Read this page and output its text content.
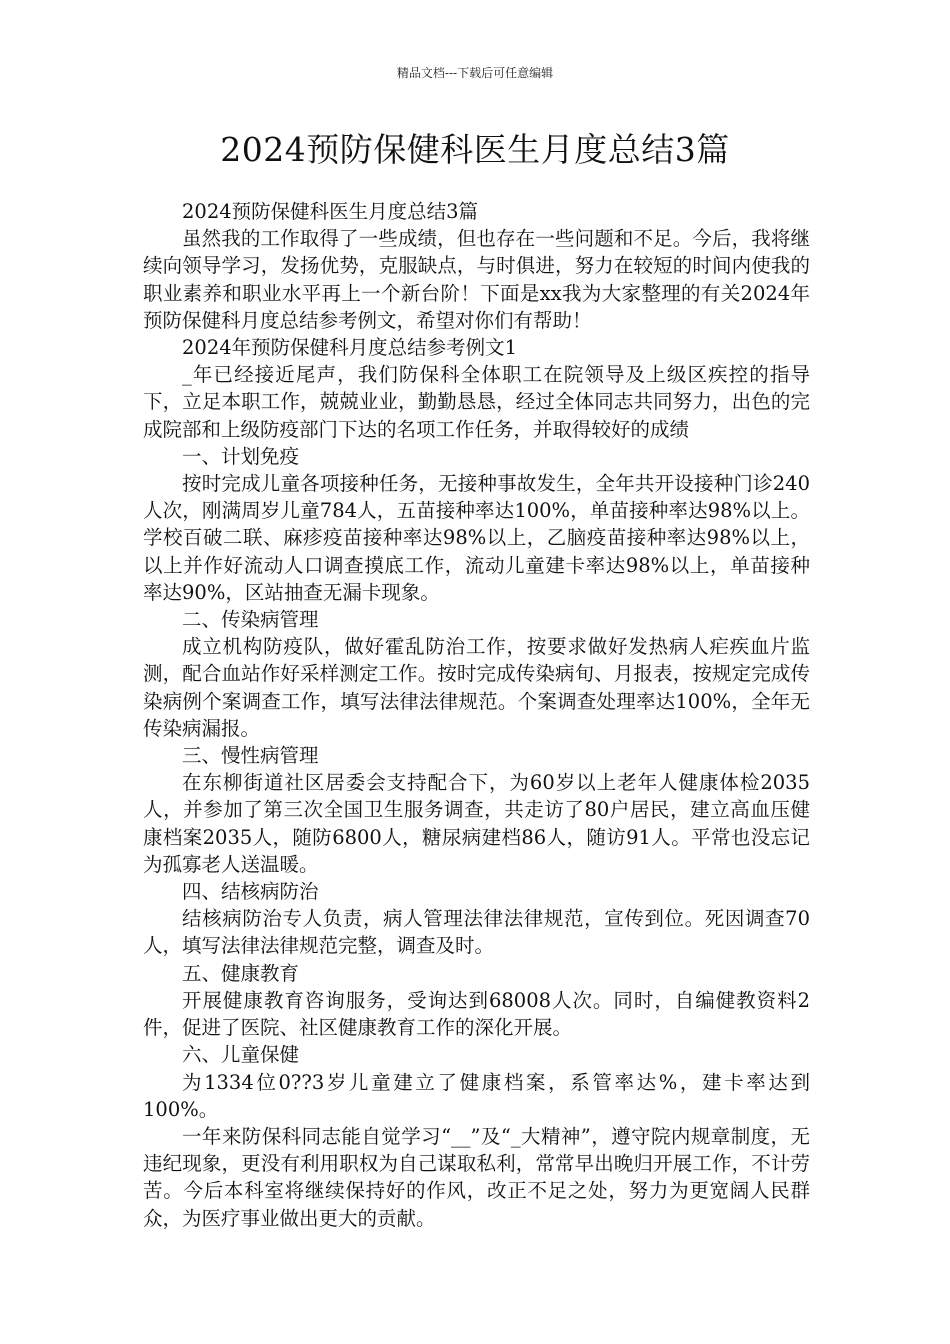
精品文档---下载后可任意编辑
2024预防保健科医生月度总结3篇

2024预防保健科医生月度总结3篇

虽然我的工作取得了一些成绩，但也存在一些问题和不足。今后，我将继续向领导学习，发扬优势，克服缺点，与时俱进，努力在较短的时间内使我的职业素养和职业水平再上一个新台阶！下面是xx我为大家整理的有关2024年预防保健科月度总结参考例文，希望对你们有帮助！

2024年预防保健科月度总结参考例文1

_年已经接近尾声，我们防保科全体职工在院领导及上级区疾控的指导下，立足本职工作，兢兢业业，勤勤恳恳，经过全体同志共同努力，出色的完成院部和上级防疫部门下达的名项工作任务，并取得较好的成绩

一、计划免疫

按时完成儿童各项接种任务，无接种事故发生，全年共开设接种门诊240人次，刚满周岁儿童784人，五苗接种率达100%，单苗接种率达98%以上。学校百破二联、麻疹疫苗接种率达98%以上，乙脑疫苗接种率达98%以上，以上并作好流动人口调查摸底工作，流动儿童建卡率达98%以上，单苗接种率达90%，区站抽查无漏卡现象。

二、传染病管理

成立机构防疫队，做好霍乱防治工作，按要求做好发热病人疟疾血片监测，配合血站作好采样测定工作。按时完成传染病旬、月报表，按规定完成传染病例个案调查工作，填写法律法律规范。个案调查处理率达100%，全年无传染病漏报。

三、慢性病管理

在东柳街道社区居委会支持配合下，为60岁以上老年人健康体检2035人，并参加了第三次全国卫生服务调查，共走访了80户居民，建立高血压健康档案2035人，随防6800人，糖尿病建档86人，随访91人。平常也没忘记为孤寡老人送温暖。

四、结核病防治

结核病防治专人负责，病人管理法律法律规范，宣传到位。死因调查70人，填写法律法律规范完整，调查及时。

五、健康教育

开展健康教育咨询服务，受询达到68008人次。同时，自编健教资料2件，促进了医院、社区健康教育工作的深化开展。

六、儿童保健

为1334位0??3岁儿童建立了健康档案，系管率达%，建卡率达到100%。

一年来防保科同志能自觉学习“__”及“_大精神”，遵守院内规章制度，无违纪现象，更没有利用职权为自己谋取私利，常常早出晚归开展工作，不计劳苦。今后本科室将继续保持好的作风，改正不足之处，努力为更宽阔人民群众，为医疗事业做出更大的贡献。
